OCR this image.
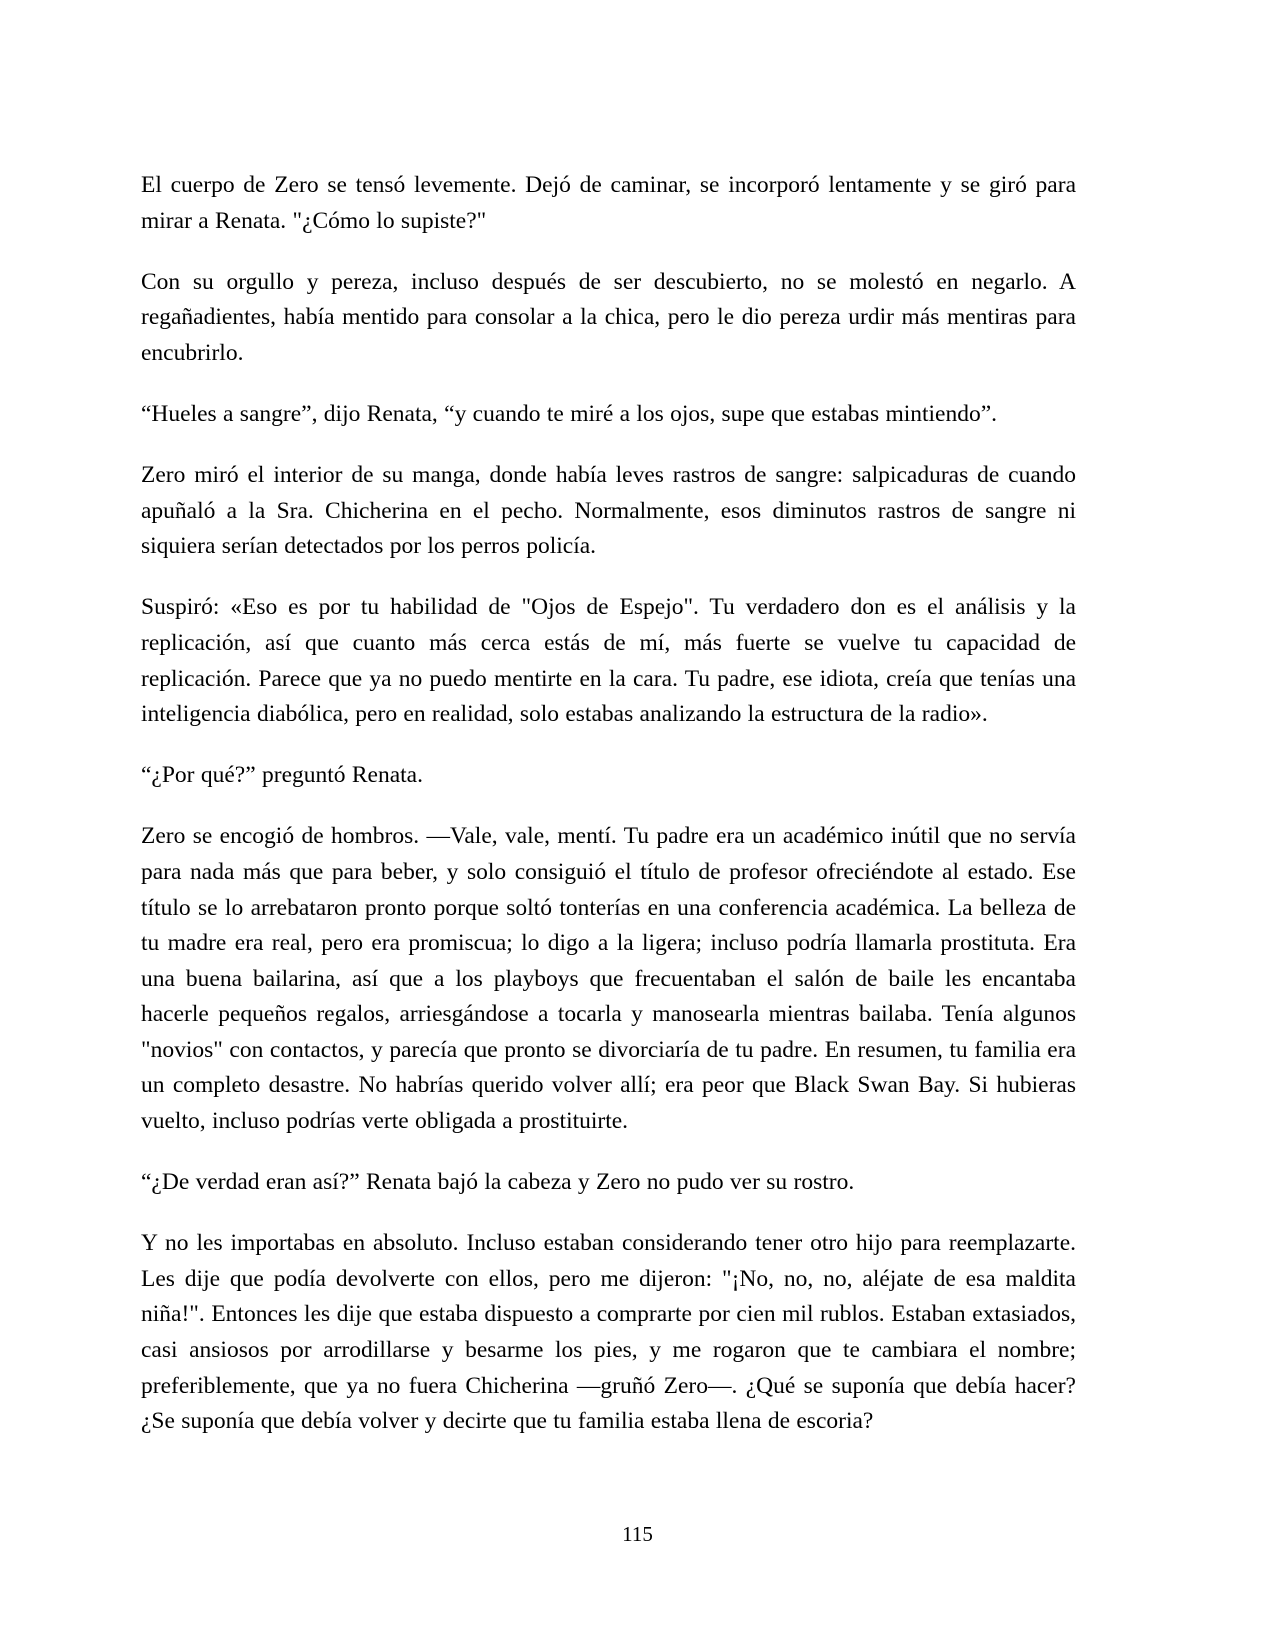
El cuerpo de Zero se tensó levemente. Dejó de caminar, se incorporó lentamente y se giró para mirar a Renata. "¿Cómo lo supiste?"

Con su orgullo y pereza, incluso después de ser descubierto, no se molestó en negarlo. A regañadientes, había mentido para consolar a la chica, pero le dio pereza urdir más mentiras para encubrirlo.

“Hueles a sangre”, dijo Renata, “y cuando te miré a los ojos, supe que estabas mintiendo”.

Zero miró el interior de su manga, donde había leves rastros de sangre: salpicaduras de cuando apuñaló a la Sra. Chicherina en el pecho. Normalmente, esos diminutos rastros de sangre ni siquiera serían detectados por los perros policía.

Suspiró: «Eso es por tu habilidad de "Ojos de Espejo". Tu verdadero don es el análisis y la replicación, así que cuanto más cerca estás de mí, más fuerte se vuelve tu capacidad de replicación. Parece que ya no puedo mentirte en la cara. Tu padre, ese idiota, creía que tenías una inteligencia diabólica, pero en realidad, solo estabas analizando la estructura de la radio».

“¿Por qué?” preguntó Renata.

Zero se encogió de hombros. —Vale, vale, mentí. Tu padre era un académico inútil que no servía para nada más que para beber, y solo consiguió el título de profesor ofreciéndote al estado. Ese título se lo arrebataron pronto porque soltó tonterías en una conferencia académica. La belleza de tu madre era real, pero era promiscua; lo digo a la ligera; incluso podría llamarla prostituta. Era una buena bailarina, así que a los playboys que frecuentaban el salón de baile les encantaba hacerle pequeños regalos, arriesgándose a tocarla y manosearla mientras bailaba. Tenía algunos "novios" con contactos, y parecía que pronto se divorciaría de tu padre. En resumen, tu familia era un completo desastre. No habrías querido volver allí; era peor que Black Swan Bay. Si hubieras vuelto, incluso podrías verte obligada a prostituirte.

“¿De verdad eran así?” Renata bajó la cabeza y Zero no pudo ver su rostro.

Y no les importabas en absoluto. Incluso estaban considerando tener otro hijo para reemplazarte. Les dije que podía devolverte con ellos, pero me dijeron: "¡No, no, no, aléjate de esa maldita niña!". Entonces les dije que estaba dispuesto a comprarte por cien mil rublos. Estaban extasiados, casi ansiosos por arrodillarse y besarme los pies, y me rogaron que te cambiara el nombre; preferiblemente, que ya no fuera Chicherina —gruñó Zero—. ¿Qué se suponía que debía hacer? ¿Se suponía que debía volver y decirte que tu familia estaba llena de escoria?

115
